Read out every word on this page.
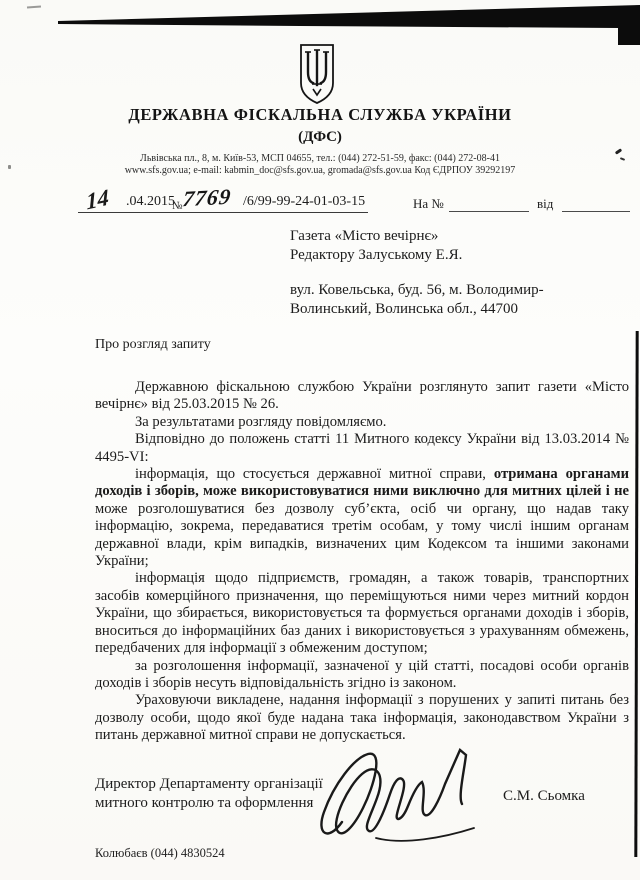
ДЕРЖАВНА ФІСКАЛЬНА СЛУЖБА УКРАЇНИ
(ДФС)
Львівська пл., 8, м. Київ-53, МСП 04655, тел.: (044) 272-51-59, факс: (044) 272-08-41
www.sfs.gov.ua; e-mail: kabmin_doc@sfs.gov.ua, gromada@sfs.gov.ua Код ЄДРПОУ 39292197
14 .04.2015
№
7769 /6/99-99-24-01-03-15	На №	від
Газета «Місто вечірнє»
Редактору Залуському Е.Я.
вул. Ковельська, буд. 56, м. Володимир-
Волинський, Волинська обл., 44700
Про розгляд запиту

Державною фіскальною службою України розглянуто запит газети «Місто вечірнє» від 25.03.2015 № 26.

За результатами розгляду повідомляємо.

Відповідно до положень статті 11 Митного кодексу України від 13.03.2014 № 4495-VI:

інформація, що стосується державної митної справи, отримана органами доходів і зборів, може використовуватися ними виключно для митних цілей і не може розголошуватися без дозволу суб’єкта, осіб чи органу, що надав таку інформацію, зокрема, передаватися третім особам, у тому числі іншим органам державної влади, крім випадків, визначених цим Кодексом та іншими законами України;

інформація щодо підприємств, громадян, а також товарів, транспортних засобів комерційного призначення, що переміщуються ними через митний кордон України, що збирається, використовується та формується органами доходів і зборів, вноситься до інформаційних баз даних і використовується з урахуванням обмежень, передбачених для інформації з обмеженим доступом;

за розголошення інформації, зазначеної у цій статті, посадові особи органів доходів і зборів несуть відповідальність згідно із законом.

Ураховуючи викладене, надання інформації з порушених у запиті питань без дозволу особи, щодо якої буде надана така інформація, законодавством України з питань державної митної справи не допускається.

Директор Департаменту організації
митного контролю та оформлення	С.М. Сьомка
Колюбаєв (044) 4830524
